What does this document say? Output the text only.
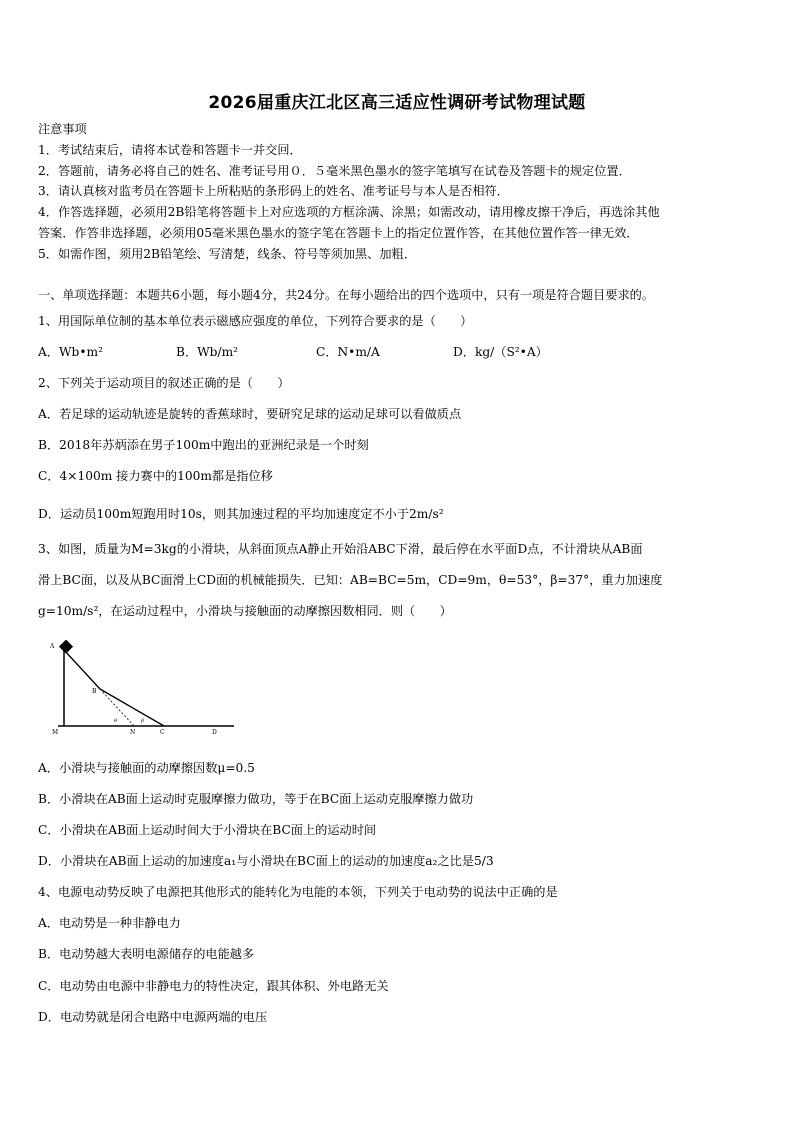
2026届重庆江北区高三适应性调研考试物理试题
注意事项
1．考试结束后，请将本试卷和答题卡一并交回．
2．答题前，请务必将自己的姓名、准考证号用０．５毫米黑色墨水的签字笔填写在试卷及答题卡的规定位置．
3．请认真核对监考员在答题卡上所粘贴的条形码上的姓名、准考证号与本人是否相符．
4．作答选择题，必须用2B铅笔将答题卡上对应选项的方框涂满、涂黑；如需改动，请用橡皮擦干净后，再选涂其他
答案．作答非选择题，必须用05毫米黑色墨水的签字笔在答题卡上的指定位置作答，在其他位置作答一律无效．
5．如需作图，须用2B铅笔绘、写清楚，线条、符号等须加黑、加粗．
一、单项选择题：本题共6小题，每小题4分，共24分。在每小题给出的四个选项中，只有一项是符合题目要求的。
1、用国际单位制的基本单位表示磁感应强度的单位，下列符合要求的是（　　）
A．Wb•m²	B．Wb/m²	C．N•m/A	D．kg/（S²•A）
2、下列关于运动项目的叙述正确的是（　　）
A．若足球的运动轨迹是旋转的香蕉球时，要研究足球的运动足球可以看做质点
B．2018年苏炳添在男子100m中跑出的亚洲纪录是一个时刻
C．4×100m 接力赛中的100m都是指位移
D．运动员100m短跑用时10s，则其加速过程的平均加速度定不小于2m/s²
3、如图，质量为M=3kg的小滑块，从斜面顶点A静止开始沿ABC下滑，最后停在水平面D点，不计滑块从AB面
滑上BC面，以及从BC面滑上CD面的机械能损失．已知：AB=BC=5m，CD=9m，θ=53°，β=37°，重力加速度
g=10m/s²，在运动过程中，小滑块与接触面的动摩擦因数相同．则（　　）
A
B
M	N	C	D
θ	β
A．小滑块与接触面的动摩擦因数μ=0.5
B．小滑块在AB面上运动时克服摩擦力做功，等于在BC面上运动克服摩擦力做功
C．小滑块在AB面上运动时间大于小滑块在BC面上的运动时间
D．小滑块在AB面上运动的加速度a₁与小滑块在BC面上的运动的加速度a₂之比是5/3
4、电源电动势反映了电源把其他形式的能转化为电能的本领，下列关于电动势的说法中正确的是
A．电动势是一种非静电力
B．电动势越大表明电源储存的电能越多
C．电动势由电源中非静电力的特性决定，跟其体积、外电路无关
D．电动势就是闭合电路中电源两端的电压
